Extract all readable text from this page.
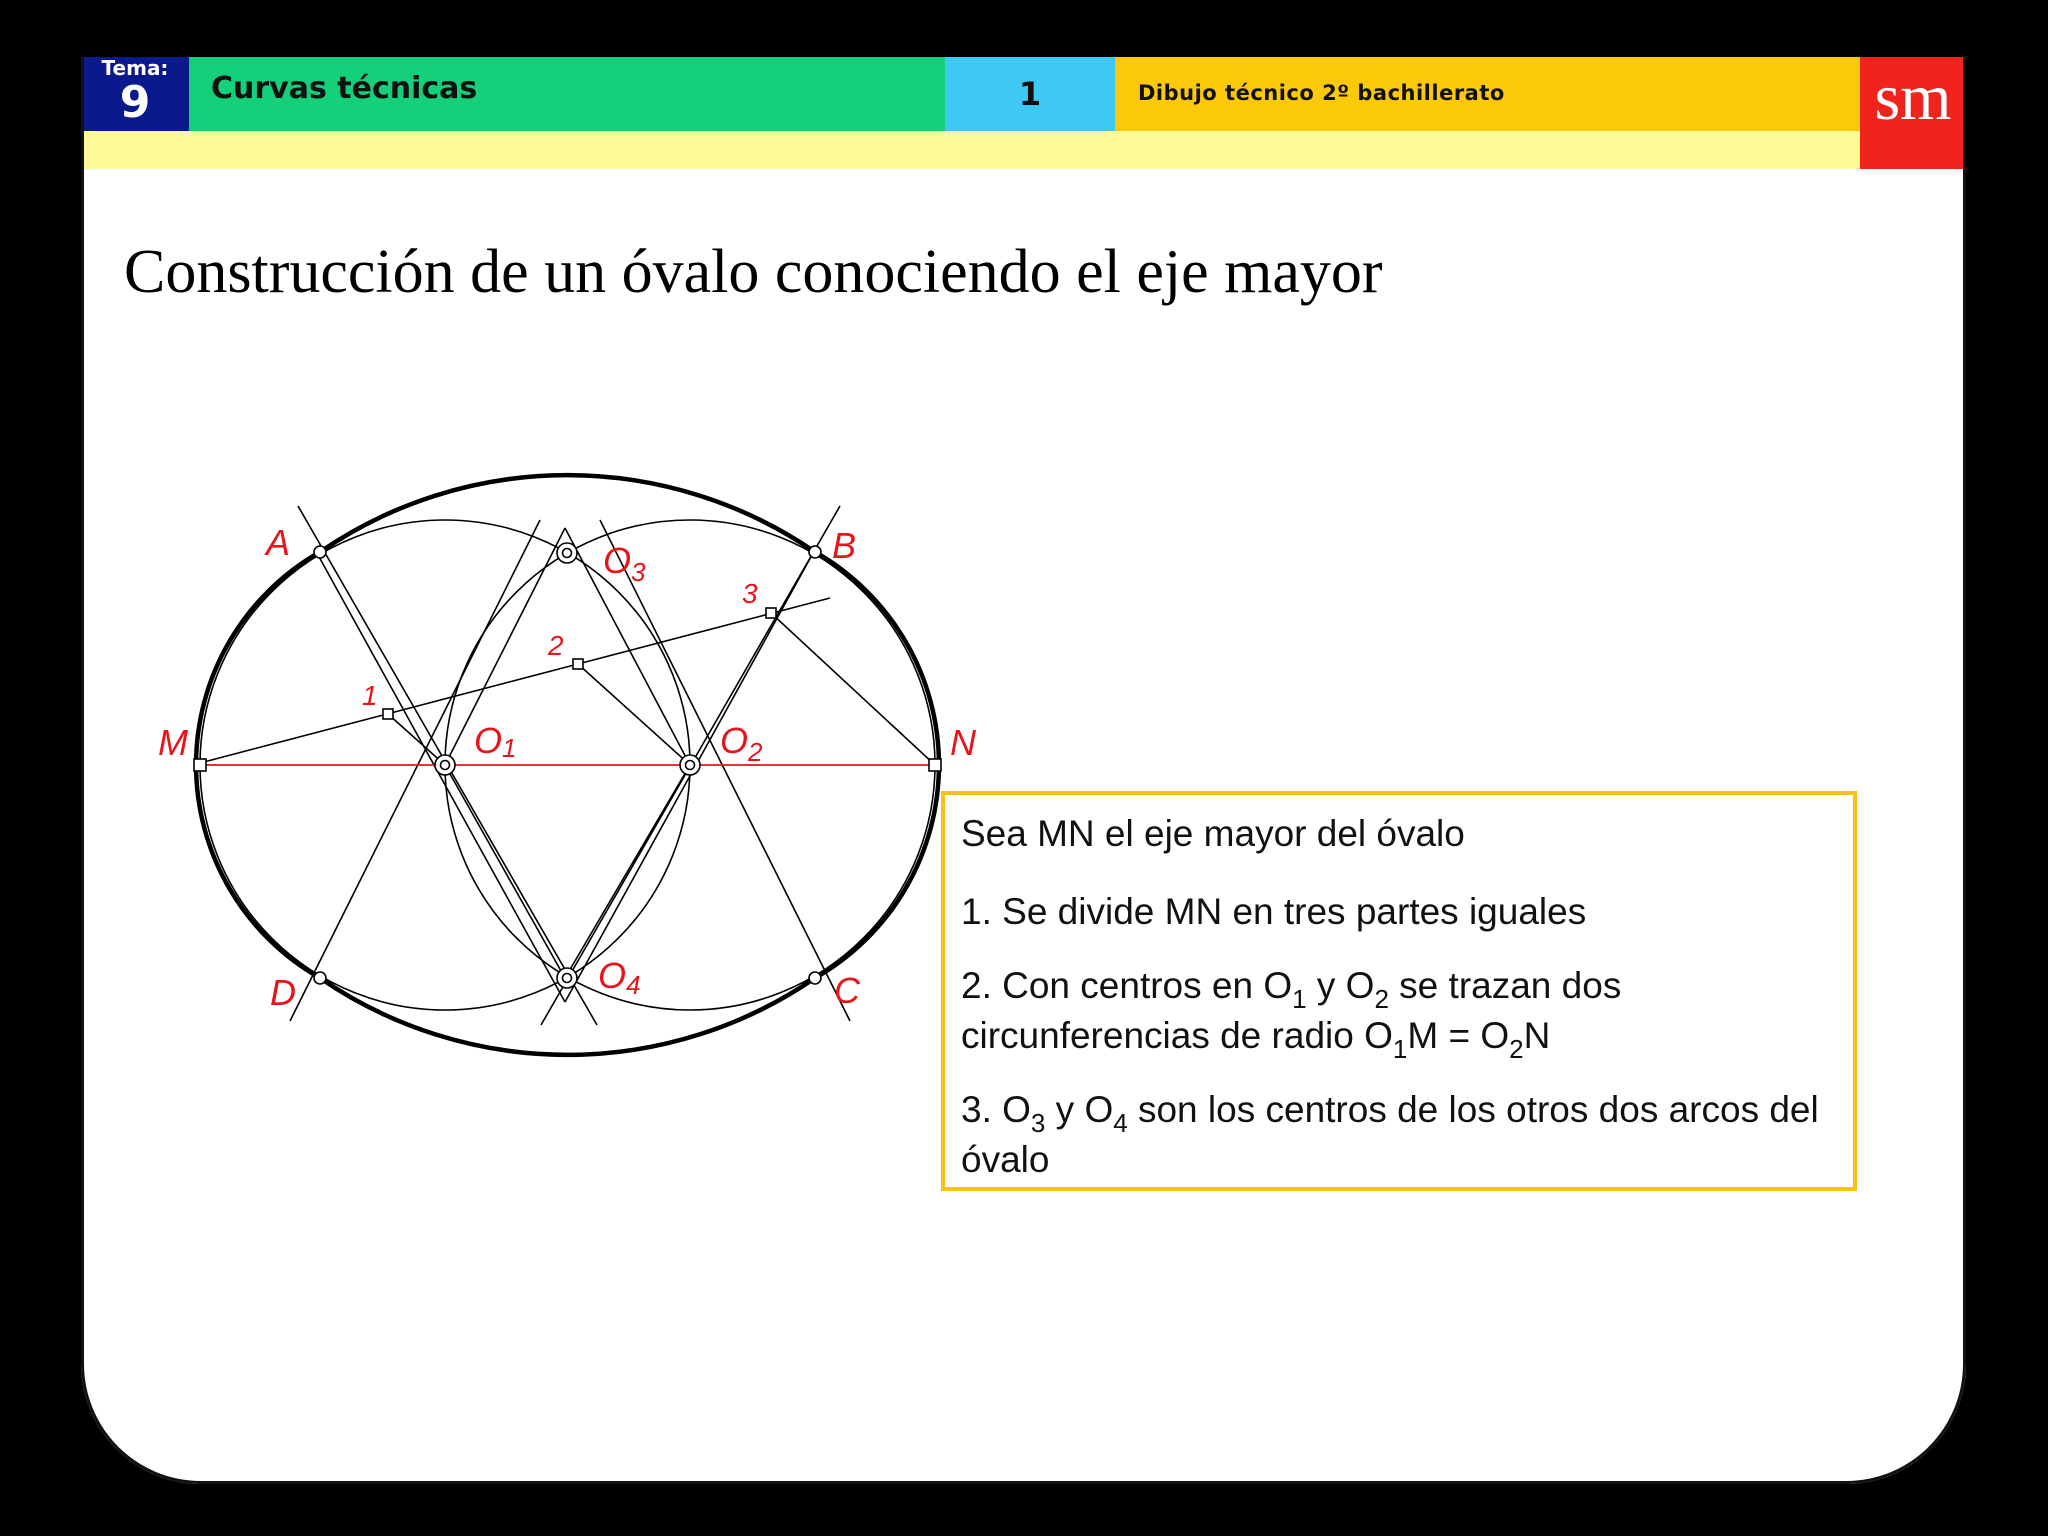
Tema:
9	Curvas técnicas	1	Dibujo técnico 2º bachillerato	sm
Construcción de un óvalo conociendo el eje mayor
A	B
C
D
M	N
O 1	O 2
O 3
O 4
1
2
3

Sea MN el eje mayor del óvalo

1. Se divide MN en tres partes iguales

2. Con centros en $O_1$ y $O_2$ se trazan dos circunferencias de radio $O_1M = O_2N$

3. $O_3$ y $O_4$ son los centros de los otros dos arcos del óvalo
